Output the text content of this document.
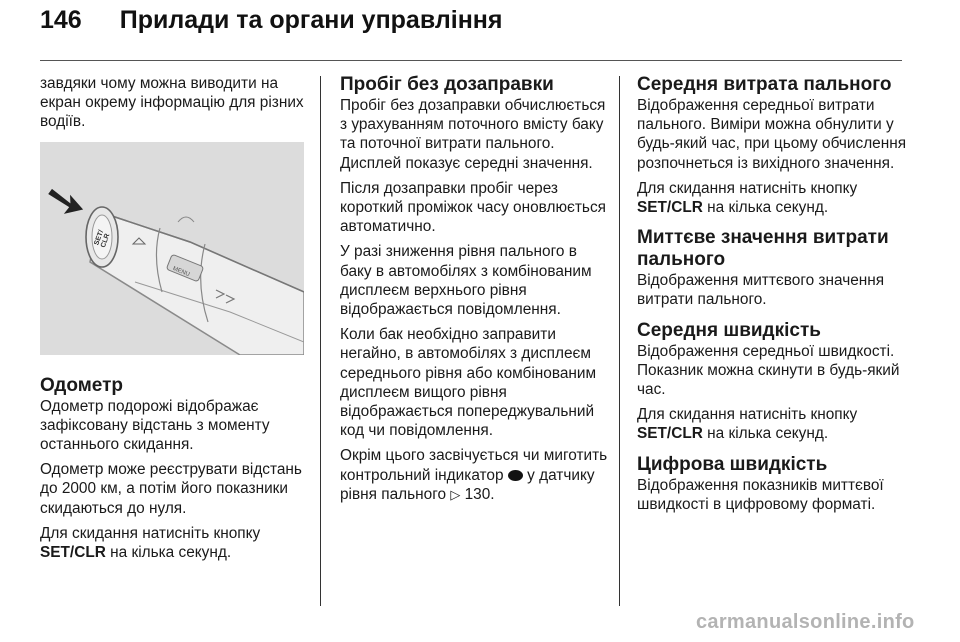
146 Прилади та органи управління

завдяки чому можна виводити на екран окрему інформацію для різних водіїв.

SET/ CLR
MENU
Одометр

Одометр подорожі відображає зафіксовану відстань з моменту останнього скидання.

Одометр може реєструвати відстань до 2000 км, а потім його показники скидаються до нуля.

Для скидання натисніть кнопку SET/CLR на кілька секунд.

Пробіг без дозаправки

Пробіг без дозаправки обчислюється з урахуванням поточного вмісту баку та поточної витрати пального. Дисплей показує середні значення.

Після дозаправки пробіг через короткий проміжок часу оновлюється автоматично.

У разі зниження рівня пального в баку в автомобілях з комбінованим дисплеєм верхнього рівня відображається повідомлення.

Коли бак необхідно заправити негайно, в автомобілях з дисплеєм середнього рівня або комбінованим дисплеєм вищого рівня відображається попереджувальний код чи повідомлення.

Окрім цього засвічується чи миготить контрольний індикатор  у датчику рівня пального ▷ 130.

Середня витрата пального

Відображення середньої витрати пального. Виміри можна обнулити у будь-який час, при цьому обчислення розпочнеться із вихідного значення.

Для скидання натисніть кнопку SET/CLR на кілька секунд.

Миттєве значення витрати пального

Відображення миттєвого значення витрати пального.

Середня швидкість

Відображення середньої швидкості. Показник можна скинути в будь-який час.

Для скидання натисніть кнопку SET/CLR на кілька секунд.

Цифрова швидкість

Відображення показників миттєвої швидкості в цифровому форматі.

carmanualsonline.info
